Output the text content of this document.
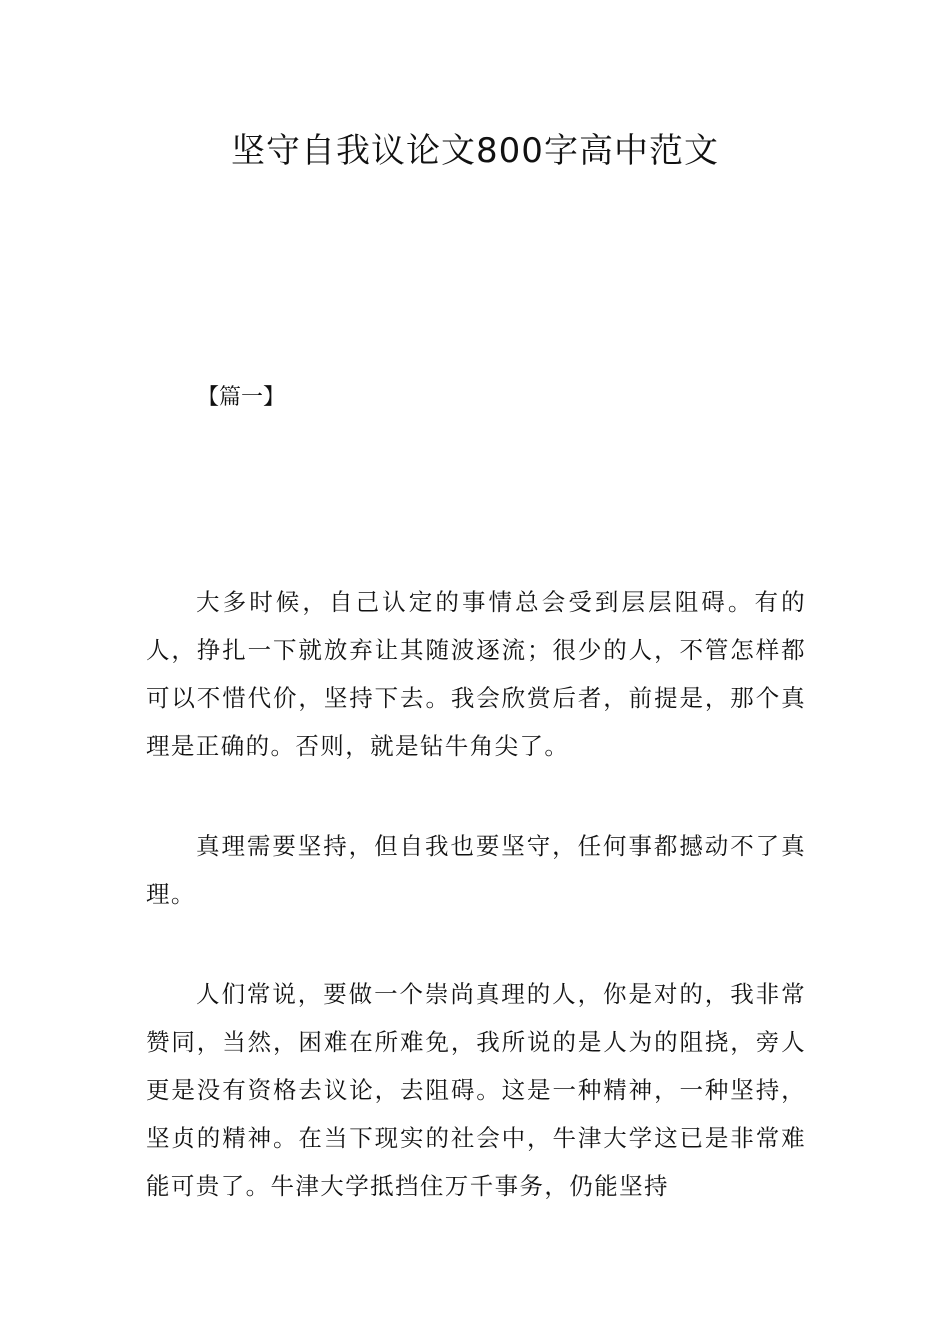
坚守自我议论文800字高中范文
【篇一】

大多时候，自己认定的事情总会受到层层阻碍。有的人，挣扎一下就放弃让其随波逐流；很少的人，不管怎样都可以不惜代价，坚持下去。我会欣赏后者，前提是，那个真理是正确的。否则，就是钻牛角尖了。

真理需要坚持，但自我也要坚守，任何事都撼动不了真理。

人们常说，要做一个崇尚真理的人，你是对的，我非常赞同，当然，困难在所难免，我所说的是人为的阻挠，旁人更是没有资格去议论，去阻碍。这是一种精神，一种坚持，坚贞的精神。在当下现实的社会中，牛津大学这已是非常难能可贵了。牛津大学抵挡住万千事务，仍能坚持
